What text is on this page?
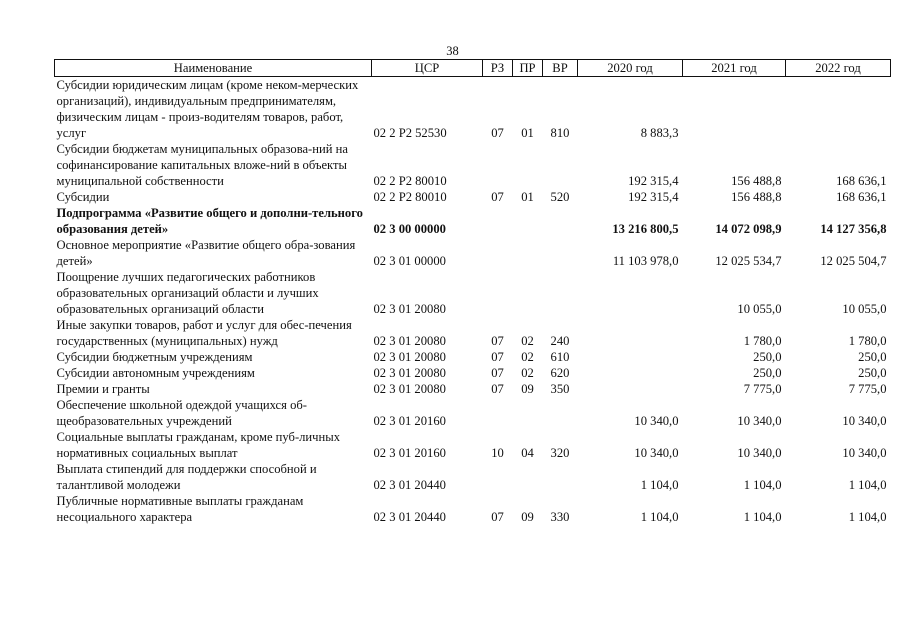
38
Наименование	ЦСР	РЗ	ПР	ВР	2020 год	2021 год	2022 год
Субсидии юридическим лицам (кроме неком-мерческих организаций), индивидуальным предпринимателям, физическим лицам - произ-водителям товаров, работ, услуг	02 2 Р2 52530	07	01	810	8 883,3		
Субсидии бюджетам муниципальных образова-ний на софинансирование капитальных вложе-ний в объекты муниципальной собственности	02 2 Р2 80010				192 315,4	156 488,8	168 636,1
Субсидии	02 2 Р2 80010	07	01	520	192 315,4	156 488,8	168 636,1
Подпрограмма «Развитие общего и дополни-тельного образования детей»	02 3 00 00000				13 216 800,5	14 072 098,9	14 127 356,8
Основное мероприятие «Развитие общего обра-зования детей»	02 3 01 00000				11 103 978,0	12 025 534,7	12 025 504,7
Поощрение лучших педагогических работников образовательных организаций области и лучших образовательных организаций области	02 3 01 20080					10 055,0	10 055,0
Иные закупки товаров, работ и услуг для обес-печения государственных (муниципальных) нужд	02 3 01 20080	07	02	240		1 780,0	1 780,0
Субсидии бюджетным учреждениям	02 3 01 20080	07	02	610		250,0	250,0
Субсидии автономным учреждениям	02 3 01 20080	07	02	620		250,0	250,0
Премии и гранты	02 3 01 20080	07	09	350		7 775,0	7 775,0
Обеспечение школьной одеждой учащихся об-щеобразовательных учреждений	02 3 01 20160				10 340,0	10 340,0	10 340,0
Социальные выплаты гражданам, кроме пуб-личных нормативных социальных выплат	02 3 01 20160	10	04	320	10 340,0	10 340,0	10 340,0
Выплата стипендий для поддержки способной и талантливой молодежи	02 3 01 20440				1 104,0	1 104,0	1 104,0
Публичные нормативные выплаты гражданам несоциального характера	02 3 01 20440	07	09	330	1 104,0	1 104,0	1 104,0
